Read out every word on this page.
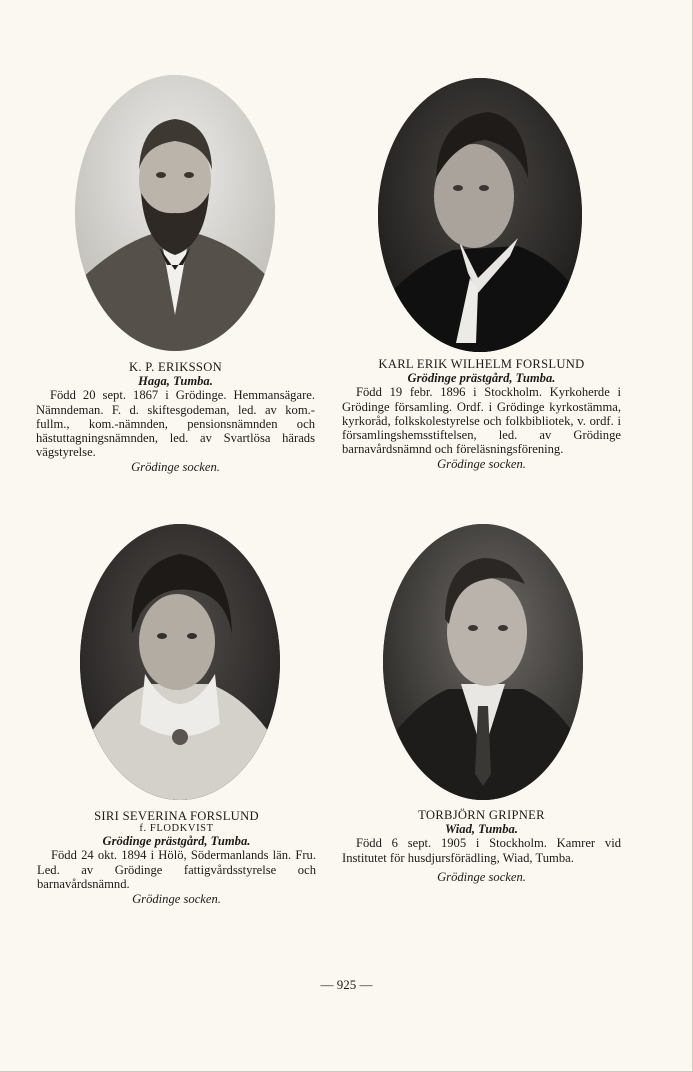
K. P. ERIKSSON
Haga, Tumba.
Född 20 sept. 1867 i Grödinge. Hemmansägare. Nämndeman. F. d. skiftesgodeman, led. av kom.-fullm., kom.-nämnden, pensionsnämnden och hästuttagningsnämnden, led. av Svartlösa härads vägstyrelse.
Grödinge socken.
KARL ERIK WILHELM FORSLUND
Grödinge prästgård, Tumba.
Född 19 febr. 1896 i Stockholm. Kyrkoherde i Grödinge församling. Ordf. i Grödinge kyrkostämma, kyrkoråd, folkskolestyrelse och folkbibliotek, v. ordf. i församlingshemsstiftelsen, led. av Grödinge barnavårdsnämnd och föreläsningsförening.
Grödinge socken.
SIRI SEVERINA FORSLUND
f. FLODKVIST
Grödinge prästgård, Tumba.
Född 24 okt. 1894 i Hölö, Södermanlands län. Fru. Led. av Grödinge fattigvårdsstyrelse och barnavårdsnämnd.
Grödinge socken.
TORBJÖRN GRIPNER
Wiad, Tumba.
Född 6 sept. 1905 i Stockholm. Kamrer vid Institutet för husdjursförädling, Wiad, Tumba.
Grödinge socken.
— 925 —
